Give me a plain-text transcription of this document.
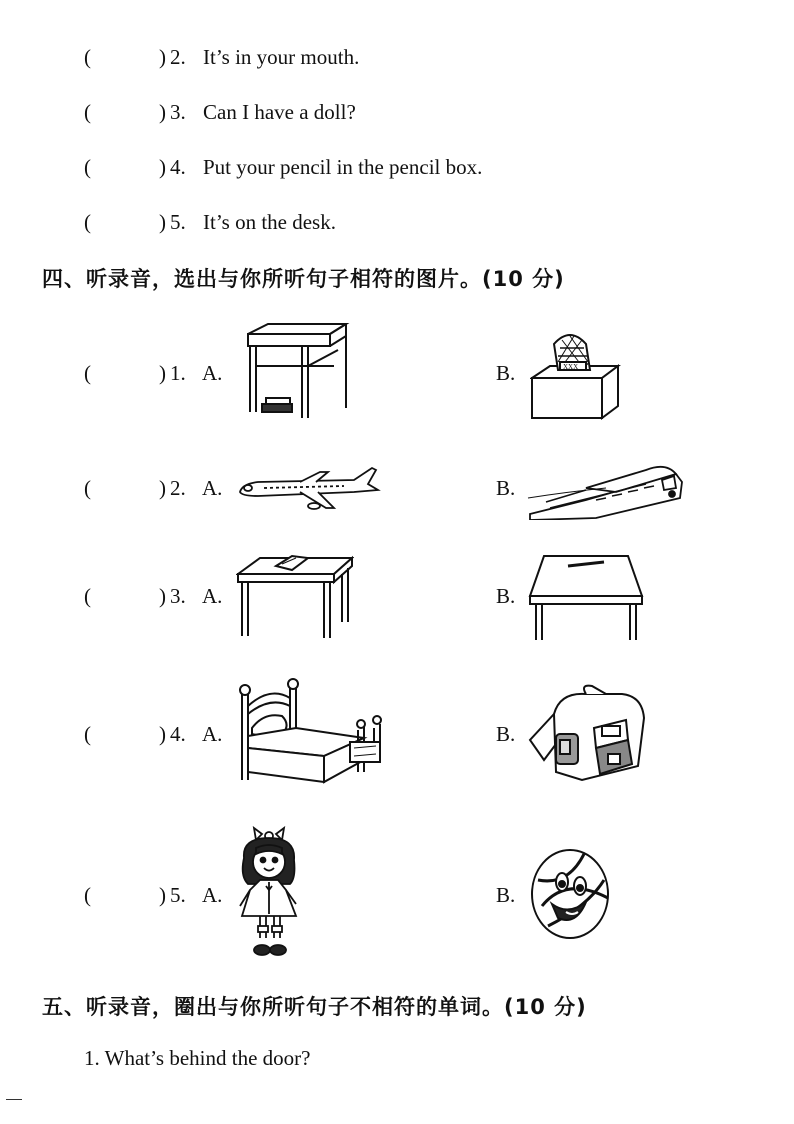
(	) 2. It’s in your mouth.
(	) 3. Can I have a doll?
(	) 4. Put your pencil in the pencil box.
(	) 5. It’s on the desk.
四、听录音，选出与你所听句子相符的图片。(10 分)
(	) 1. A.	B.	XXX
(	) 2. A.	B.
(	) 3. A.	B.
(	) 4. A.	B.
(	) 5. A.	B.
五、听录音，圈出与你所听句子不相符的单词。(10 分)
1. What’s behind the door?
